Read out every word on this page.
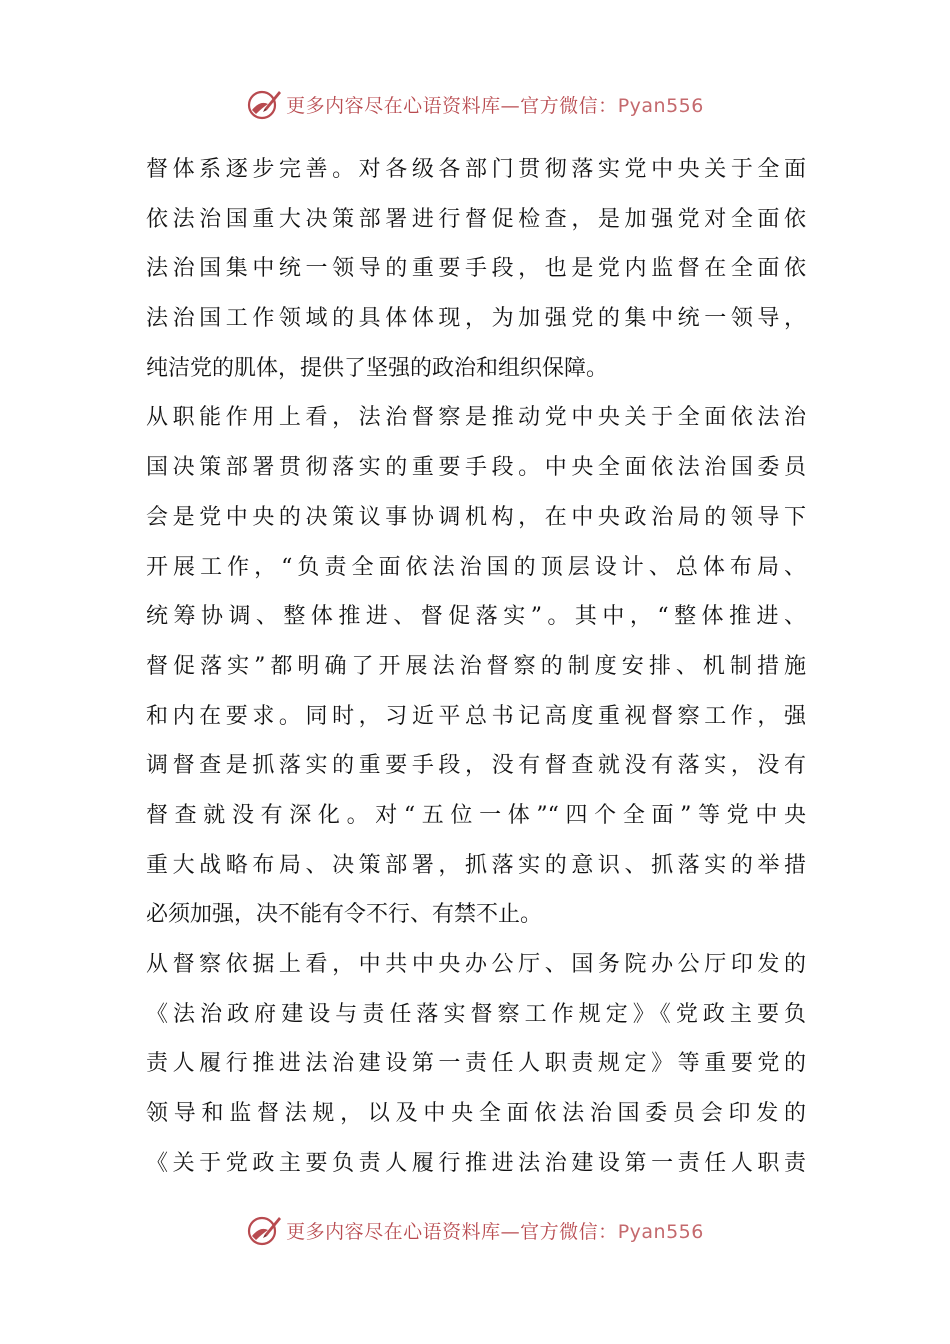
更多内容尽在心语资料库—官方微信：Pyan556
督体系逐步完善。对各级各部门贯彻落实党中央关于全面
依法治国重大决策部署进行督促检查，是加强党对全面依
法治国集中统一领导的重要手段，也是党内监督在全面依
法治国工作领域的具体体现，为加强党的集中统一领导，
纯洁党的肌体，提供了坚强的政治和组织保障。
从职能作用上看，法治督察是推动党中央关于全面依法治
国决策部署贯彻落实的重要手段。中央全面依法治国委员
会是党中央的决策议事协调机构，在中央政治局的领导下
开展工作，“负责全面依法治国的顶层设计、总体布局、
统筹协调、整体推进、督促落实”。其中，“整体推进、
督促落实”都明确了开展法治督察的制度安排、机制措施
和内在要求。同时，习近平总书记高度重视督察工作，强
调督查是抓落实的重要手段，没有督查就没有落实，没有
督查就没有深化。对“五位一体”“四个全面”等党中央
重大战略布局、决策部署，抓落实的意识、抓落实的举措
必须加强，决不能有令不行、有禁不止。
从督察依据上看，中共中央办公厅、国务院办公厅印发的
《法治政府建设与责任落实督察工作规定》《党政主要负
责人履行推进法治建设第一责任人职责规定》等重要党的
领导和监督法规，以及中央全面依法治国委员会印发的
《关于党政主要负责人履行推进法治建设第一责任人职责
更多内容尽在心语资料库—官方微信：Pyan556
